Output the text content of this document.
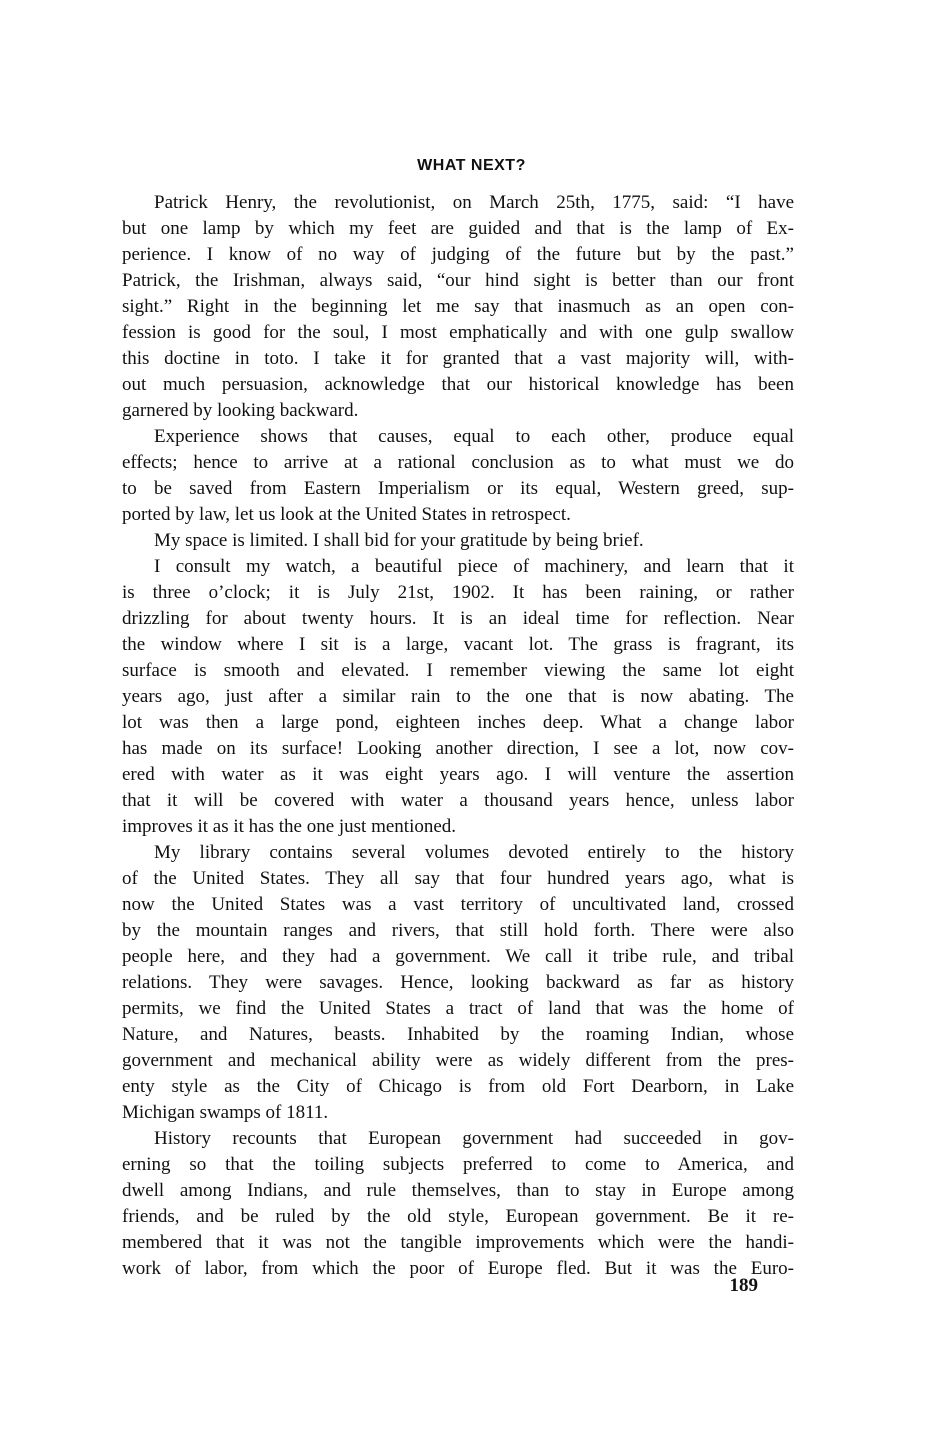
WHAT NEXT?
Patrick Henry, the revolutionist, on March 25th, 1775, said: “I have
but one lamp by which my feet are guided and that is the lamp of Ex-
perience. I know of no way of judging of the future but by the past.”
Patrick, the Irishman, always said, “our hind sight is better than our front
sight.” Right in the beginning let me say that inasmuch as an open con-
fession is good for the soul, I most emphatically and with one gulp swallow
this doctine in toto. I take it for granted that a vast majority will, with-
out much persuasion, acknowledge that our historical knowledge has been
garnered by looking backward.
Experience shows that causes, equal to each other, produce equal
effects; hence to arrive at a rational conclusion as to what must we do
to be saved from Eastern Imperialism or its equal, Western greed, sup-
ported by law, let us look at the United States in retrospect.
My space is limited. I shall bid for your gratitude by being brief.
I consult my watch, a beautiful piece of machinery, and learn that it
is three o’clock; it is July 21st, 1902. It has been raining, or rather
drizzling for about twenty hours. It is an ideal time for reflection. Near
the window where I sit is a large, vacant lot. The grass is fragrant, its
surface is smooth and elevated. I remember viewing the same lot eight
years ago, just after a similar rain to the one that is now abating. The
lot was then a large pond, eighteen inches deep. What a change labor
has made on its surface! Looking another direction, I see a lot, now cov-
ered with water as it was eight years ago. I will venture the assertion
that it will be covered with water a thousand years hence, unless labor
improves it as it has the one just mentioned.
My library contains several volumes devoted entirely to the history
of the United States. They all say that four hundred years ago, what is
now the United States was a vast territory of uncultivated land, crossed
by the mountain ranges and rivers, that still hold forth. There were also
people here, and they had a government. We call it tribe rule, and tribal
relations. They were savages. Hence, looking backward as far as history
permits, we find the United States a tract of land that was the home of
Nature, and Natures, beasts. Inhabited by the roaming Indian, whose
government and mechanical ability were as widely different from the pres-
enty style as the City of Chicago is from old Fort Dearborn, in Lake
Michigan swamps of 1811.
History recounts that European government had succeeded in gov-
erning so that the toiling subjects preferred to come to America, and
dwell among Indians, and rule themselves, than to stay in Europe among
friends, and be ruled by the old style, European government. Be it re-
membered that it was not the tangible improvements which were the handi-
work of labor, from which the poor of Europe fled. But it was the Euro-
189
